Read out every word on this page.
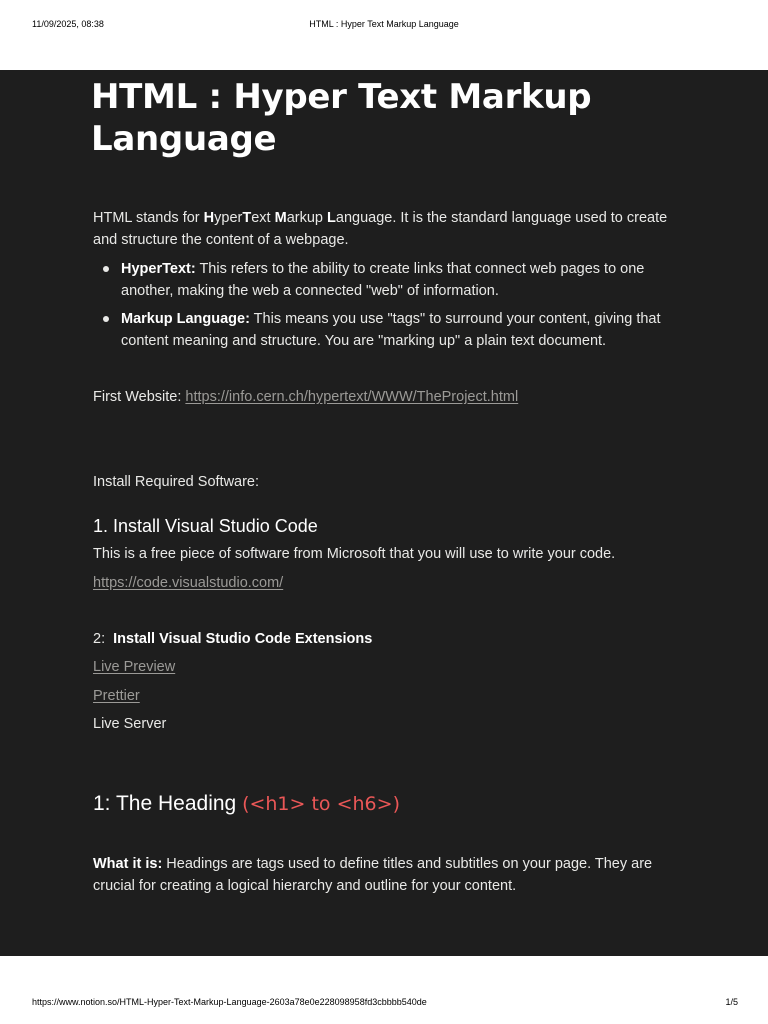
11/09/2025, 08:38	HTML : Hyper Text Markup Language
HTML : Hyper Text Markup Language
HTML stands for HyperText Markup Language. It is the standard language used to create and structure the content of a webpage.
HyperText: This refers to the ability to create links that connect web pages to one another, making the web a connected "web" of information.
Markup Language: This means you use "tags" to surround your content, giving that content meaning and structure. You are "marking up" a plain text document.
First Website: https://info.cern.ch/hypertext/WWW/TheProject.html
Install Required Software:
1. Install Visual Studio Code
This is a free piece of software from Microsoft that you will use to write your code.
https://code.visualstudio.com/
2: Install Visual Studio Code Extensions
Live Preview
Prettier
Live Server
1: The Heading (<h1> to <h6>)
What it is: Headings are tags used to define titles and subtitles on your page. They are crucial for creating a logical hierarchy and outline for your content.
https://www.notion.so/HTML-Hyper-Text-Markup-Language-2603a78e0e228098958fd3cbbbb540de	1/5
